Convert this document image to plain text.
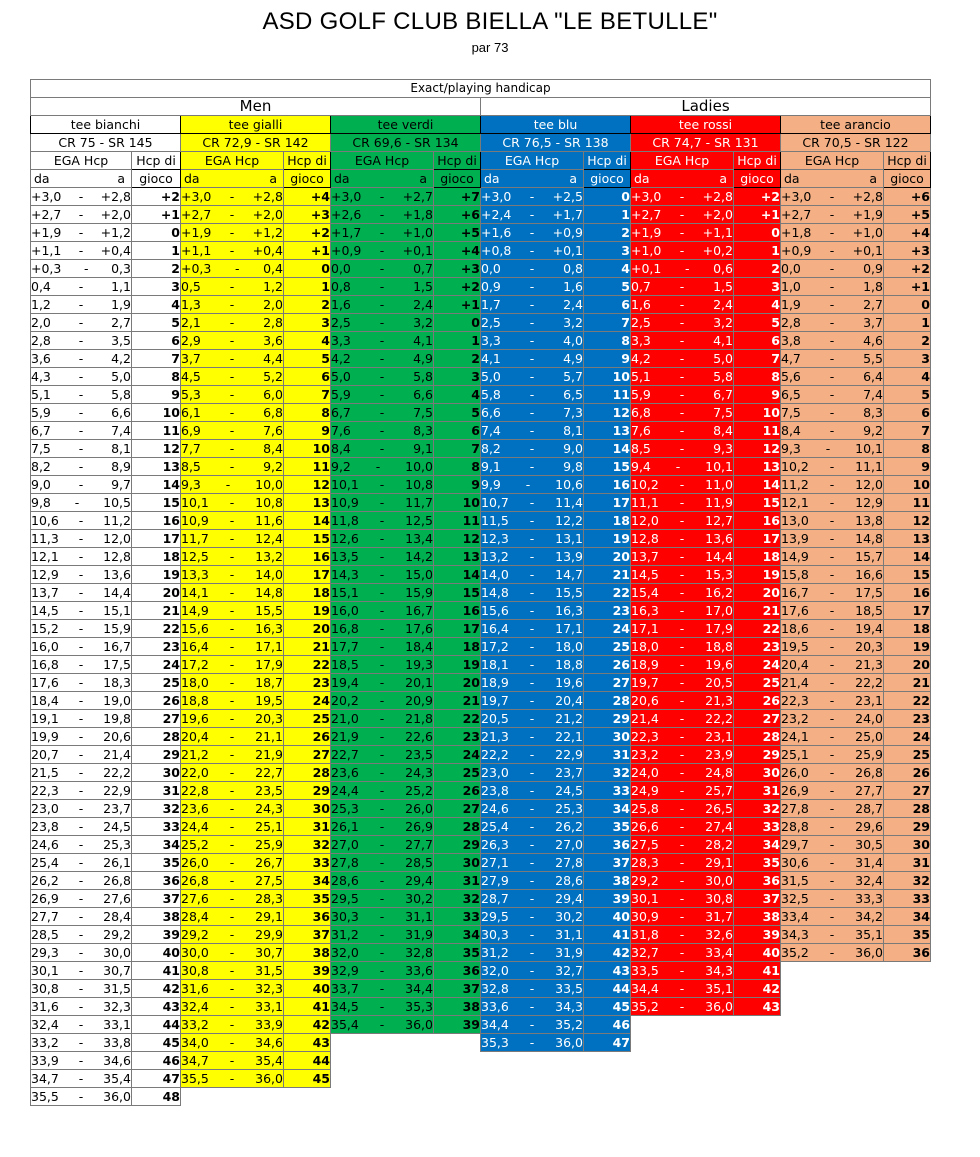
ASD GOLF CLUB BIELLA "LE BETULLE"
par 73
Exact/playing handicap											
Men						Ladies					
tee bianchi		tee gialli		tee verdi		tee blu		tee rossi		tee arancio	
CR 75 - SR 145		CR 72,9 - SR 142		CR 69,6 - SR 134		CR 76,5 - SR 138		CR 74,7 - SR 131		CR 70,5 - SR 122	
EGA Hcp	Hcp di	EGA Hcp	Hcp di	EGA Hcp	Hcp di	EGA Hcp	Hcp di	EGA Hcp	Hcp di	EGA Hcp	Hcp di

da a	gioco	da a	gioco	da a	gioco	da a	gioco	da a	gioco	da a	gioco

+3,0 - +2,8	+2	+3,0 - +2,8	+4	+3,0 - +2,7	+7	+3,0 - +2,5	0	+3,0 - +2,8	+2	+3,0 - +2,8	+6

+2,7 - +2,0	+1	+2,7 - +2,0	+3	+2,6 - +1,8	+6	+2,4 - +1,7	1	+2,7 - +2,0	+1	+2,7 - +1,9	+5

+1,9 - +1,2	0	+1,9 - +1,2	+2	+1,7 - +1,0	+5	+1,6 - +0,9	2	+1,9 - +1,1	0	+1,8 - +1,0	+4

+1,1 - +0,4	1	+1,1 - +0,4	+1	+0,9 - +0,1	+4	+0,8 - +0,1	3	+1,0 - +0,2	1	+0,9 - +0,1	+3

+0,3 - 0,3	2	+0,3 - 0,4	0	0,0 - 0,7	+3	0,0 - 0,8	4	+0,1 - 0,6	2	0,0 - 0,9	+2

0,4 - 1,1	3	0,5 - 1,2	1	0,8 - 1,5	+2	0,9 - 1,6	5	0,7 - 1,5	3	1,0 - 1,8	+1

1,2 - 1,9	4	1,3 - 2,0	2	1,6 - 2,4	+1	1,7 - 2,4	6	1,6 - 2,4	4	1,9 - 2,7	0

2,0 - 2,7	5	2,1 - 2,8	3	2,5 - 3,2	0	2,5 - 3,2	7	2,5 - 3,2	5	2,8 - 3,7	1

2,8 - 3,5	6	2,9 - 3,6	4	3,3 - 4,1	1	3,3 - 4,0	8	3,3 - 4,1	6	3,8 - 4,6	2

3,6 - 4,2	7	3,7 - 4,4	5	4,2 - 4,9	2	4,1 - 4,9	9	4,2 - 5,0	7	4,7 - 5,5	3

4,3 - 5,0	8	4,5 - 5,2	6	5,0 - 5,8	3	5,0 - 5,7	10	5,1 - 5,8	8	5,6 - 6,4	4

5,1 - 5,8	9	5,3 - 6,0	7	5,9 - 6,6	4	5,8 - 6,5	11	5,9 - 6,7	9	6,5 - 7,4	5

5,9 - 6,6	10	6,1 - 6,8	8	6,7 - 7,5	5	6,6 - 7,3	12	6,8 - 7,5	10	7,5 - 8,3	6

6,7 - 7,4	11	6,9 - 7,6	9	7,6 - 8,3	6	7,4 - 8,1	13	7,6 - 8,4	11	8,4 - 9,2	7

7,5 - 8,1	12	7,7 - 8,4	10	8,4 - 9,1	7	8,2 - 9,0	14	8,5 - 9,3	12	9,3 - 10,1	8

8,2 - 8,9	13	8,5 - 9,2	11	9,2 - 10,0	8	9,1 - 9,8	15	9,4 - 10,1	13	10,2 - 11,1	9

9,0 - 9,7	14	9,3 - 10,0	12	10,1 - 10,8	9	9,9 - 10,6	16	10,2 - 11,0	14	11,2 - 12,0	10

9,8 - 10,5	15	10,1 - 10,8	13	10,9 - 11,7	10	10,7 - 11,4	17	11,1 - 11,9	15	12,1 - 12,9	11

10,6 - 11,2	16	10,9 - 11,6	14	11,8 - 12,5	11	11,5 - 12,2	18	12,0 - 12,7	16	13,0 - 13,8	12

11,3 - 12,0	17	11,7 - 12,4	15	12,6 - 13,4	12	12,3 - 13,1	19	12,8 - 13,6	17	13,9 - 14,8	13

12,1 - 12,8	18	12,5 - 13,2	16	13,5 - 14,2	13	13,2 - 13,9	20	13,7 - 14,4	18	14,9 - 15,7	14

12,9 - 13,6	19	13,3 - 14,0	17	14,3 - 15,0	14	14,0 - 14,7	21	14,5 - 15,3	19	15,8 - 16,6	15

13,7 - 14,4	20	14,1 - 14,8	18	15,1 - 15,9	15	14,8 - 15,5	22	15,4 - 16,2	20	16,7 - 17,5	16

14,5 - 15,1	21	14,9 - 15,5	19	16,0 - 16,7	16	15,6 - 16,3	23	16,3 - 17,0	21	17,6 - 18,5	17

15,2 - 15,9	22	15,6 - 16,3	20	16,8 - 17,6	17	16,4 - 17,1	24	17,1 - 17,9	22	18,6 - 19,4	18

16,0 - 16,7	23	16,4 - 17,1	21	17,7 - 18,4	18	17,2 - 18,0	25	18,0 - 18,8	23	19,5 - 20,3	19

16,8 - 17,5	24	17,2 - 17,9	22	18,5 - 19,3	19	18,1 - 18,8	26	18,9 - 19,6	24	20,4 - 21,3	20

17,6 - 18,3	25	18,0 - 18,7	23	19,4 - 20,1	20	18,9 - 19,6	27	19,7 - 20,5	25	21,4 - 22,2	21

18,4 - 19,0	26	18,8 - 19,5	24	20,2 - 20,9	21	19,7 - 20,4	28	20,6 - 21,3	26	22,3 - 23,1	22

19,1 - 19,8	27	19,6 - 20,3	25	21,0 - 21,8	22	20,5 - 21,2	29	21,4 - 22,2	27	23,2 - 24,0	23

19,9 - 20,6	28	20,4 - 21,1	26	21,9 - 22,6	23	21,3 - 22,1	30	22,3 - 23,1	28	24,1 - 25,0	24

20,7 - 21,4	29	21,2 - 21,9	27	22,7 - 23,5	24	22,2 - 22,9	31	23,2 - 23,9	29	25,1 - 25,9	25

21,5 - 22,2	30	22,0 - 22,7	28	23,6 - 24,3	25	23,0 - 23,7	32	24,0 - 24,8	30	26,0 - 26,8	26

22,3 - 22,9	31	22,8 - 23,5	29	24,4 - 25,2	26	23,8 - 24,5	33	24,9 - 25,7	31	26,9 - 27,7	27

23,0 - 23,7	32	23,6 - 24,3	30	25,3 - 26,0	27	24,6 - 25,3	34	25,8 - 26,5	32	27,8 - 28,7	28

23,8 - 24,5	33	24,4 - 25,1	31	26,1 - 26,9	28	25,4 - 26,2	35	26,6 - 27,4	33	28,8 - 29,6	29

24,6 - 25,3	34	25,2 - 25,9	32	27,0 - 27,7	29	26,3 - 27,0	36	27,5 - 28,2	34	29,7 - 30,5	30

25,4 - 26,1	35	26,0 - 26,7	33	27,8 - 28,5	30	27,1 - 27,8	37	28,3 - 29,1	35	30,6 - 31,4	31

26,2 - 26,8	36	26,8 - 27,5	34	28,6 - 29,4	31	27,9 - 28,6	38	29,2 - 30,0	36	31,5 - 32,4	32

26,9 - 27,6	37	27,6 - 28,3	35	29,5 - 30,2	32	28,7 - 29,4	39	30,1 - 30,8	37	32,5 - 33,3	33

27,7 - 28,4	38	28,4 - 29,1	36	30,3 - 31,1	33	29,5 - 30,2	40	30,9 - 31,7	38	33,4 - 34,2	34

28,5 - 29,2	39	29,2 - 29,9	37	31,2 - 31,9	34	30,3 - 31,1	41	31,8 - 32,6	39	34,3 - 35,1	35

29,3 - 30,0	40	30,0 - 30,7	38	32,0 - 32,8	35	31,2 - 31,9	42	32,7 - 33,4	40	35,2 - 36,0	36

30,1 - 30,7	41	30,8 - 31,5	39	32,9 - 33,6	36	32,0 - 32,7	43	33,5 - 34,3	41		

30,8 - 31,5	42	31,6 - 32,3	40	33,7 - 34,4	37	32,8 - 33,5	44	34,4 - 35,1	42		

31,6 - 32,3	43	32,4 - 33,1	41	34,5 - 35,3	38	33,6 - 34,3	45	35,2 - 36,0	43		

32,4 - 33,1	44	33,2 - 33,9	42	35,4 - 36,0	39	34,4 - 35,2	46				

33,2 - 33,8	45	34,0 - 34,6	43			35,3 - 36,0	47				

33,9 - 34,6	46	34,7 - 35,4	44								

34,7 - 35,4	47	35,5 - 36,0	45								

35,5 - 36,0	48										
